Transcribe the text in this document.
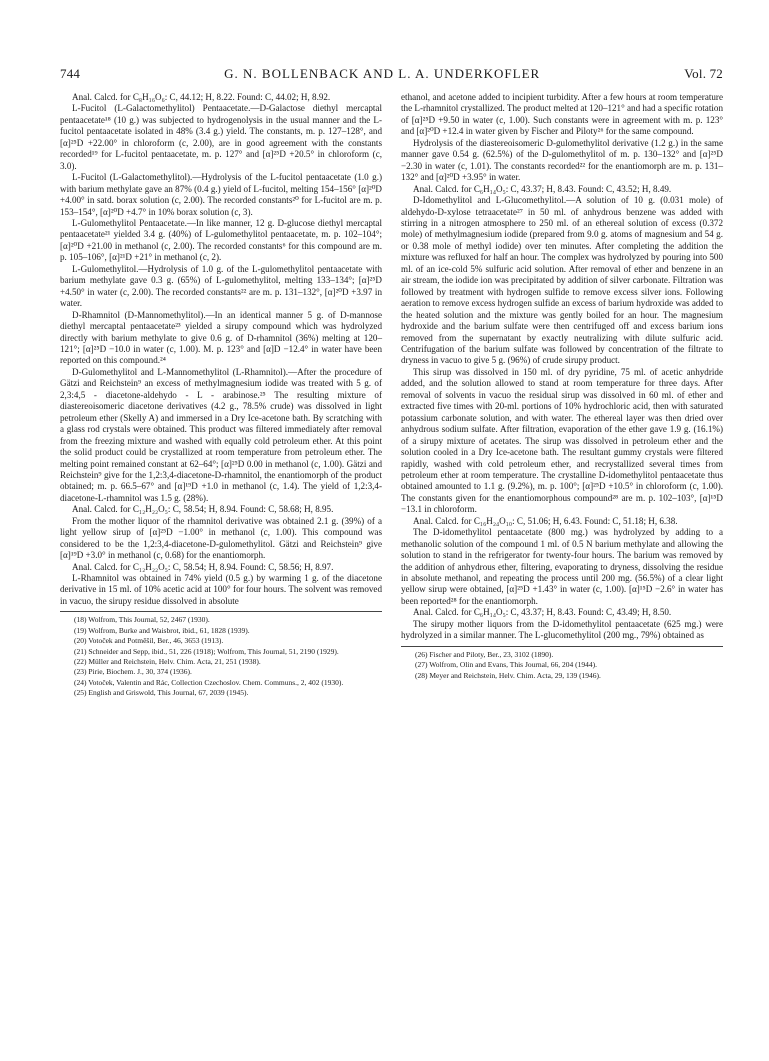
744	G. N. BOLLENBACK AND L. A. UNDERKOFLER	Vol. 72

Anal. Calcd. for C₈H₁₆O₆: C, 44.12; H, 8.22. Found: C, 44.02; H, 8.92.

L-Fucitol (L-Galactomethylitol) Pentaacetate.—D-Galactose diethyl mercaptal pentaacetate¹⁸ (10 g.) was subjected to hydrogenolysis in the usual manner and the L-fucitol pentaacetate isolated in 48% (3.4 g.) yield. The constants, m. p. 127–128°, and [α]²⁵D +22.00° in chloroform (c, 2.00), are in good agreement with the constants recorded¹⁹ for L-fucitol pentaacetate, m. p. 127° and [α]²⁵D +20.5° in chloroform (c, 3.0).

L-Fucitol (L-Galactomethylitol).—Hydrolysis of the L-fucitol pentaacetate (1.0 g.) with barium methylate gave an 87% (0.4 g.) yield of L-fucitol, melting 154–156° [α]²⁰D +4.00° in satd. borax solution (c, 2.00). The recorded constants²⁰ for L-fucitol are m. p. 153–154°, [α]²⁰D +4.7° in 10% borax solution (c, 3).

L-Gulomethylitol Pentaacetate.—In like manner, 12 g. D-glucose diethyl mercaptal pentaacetate²¹ yielded 3.4 g. (40%) of L-gulomethylitol pentaacetate, m. p. 102–104°; [α]²⁰D +21.00 in methanol (c, 2.00). The recorded constants⁶ for this compound are m. p. 105–106°, [α]²¹D +21° in methanol (c, 2).

L-Gulomethylitol.—Hydrolysis of 1.0 g. of the L-gulomethylitol pentaacetate with barium methylate gave 0.3 g. (65%) of L-gulomethylitol, melting 133–134°; [α]²⁵D +4.50° in water (c, 2.00). The recorded constants²² are m. p. 131–132°, [α]²⁰D +3.97 in water.

D-Rhamnitol (D-Mannomethylitol).—In an identical manner 5 g. of D-mannose diethyl mercaptal pentaacetate²³ yielded a sirupy compound which was hydrolyzed directly with barium methylate to give 0.6 g. of D-rhamnitol (36%) melting at 120–121°; [α]²⁵D −10.0 in water (c, 1.00). M. p. 123° and [α]D −12.4° in water have been reported on this compound.²⁴

D-Gulomethylitol and L-Mannomethylitol (L-Rhamnitol).—After the procedure of Gätzi and Reichstein⁹ an excess of methylmagnesium iodide was treated with 5 g. of 2,3:4,5 - diacetone-aldehydo - L - arabinose.²⁵ The resulting mixture of diastereoisomeric diacetone derivatives (4.2 g., 78.5% crude) was dissolved in light petroleum ether (Skelly A) and immersed in a Dry Ice-acetone bath. By scratching with a glass rod crystals were obtained. This product was filtered immediately after removal from the freezing mixture and washed with equally cold petroleum ether. At this point the solid product could be crystallized at room temperature from petroleum ether. The melting point remained constant at 62–64°; [α]²⁵D 0.00 in methanol (c, 1.00). Gätzi and Reichstein⁹ give for the 1,2:3,4-diacetone-D-rhamnitol, the enantiomorph of the product obtained; m. p. 66.5–67° and [α]¹⁹D +1.0 in methanol (c, 1.4). The yield of 1,2:3,4-diacetone-L-rhamnitol was 1.5 g. (28%).

Anal. Calcd. for C₁₂H₂₂O₅: C, 58.54; H, 8.94. Found: C, 58.68; H, 8.95.

From the mother liquor of the rhamnitol derivative was obtained 2.1 g. (39%) of a light yellow sirup of [α]²⁵D −1.00° in methanol (c, 1.00). This compound was considered to be the 1,2:3,4-diacetone-D-gulomethylitol. Gätzi and Reichstein⁹ give [α]¹⁹D +3.0° in methanol (c, 0.68) for the enantiomorph.

Anal. Calcd. for C₁₂H₂₂O₅: C, 58.54; H, 8.94. Found: C, 58.56; H, 8.97.

L-Rhamnitol was obtained in 74% yield (0.5 g.) by warming 1 g. of the diacetone derivative in 15 ml. of 10% acetic acid at 100° for four hours. The solvent was removed in vacuo, the sirupy residue dissolved in absolute

(18) Wolfrom, This Journal, 52, 2467 (1930).
(19) Wolfrom, Burke and Waisbrot, ibid., 61, 1828 (1939).
(20) Votoček and Potměšil, Ber., 46, 3653 (1913).
(21) Schneider and Sepp, ibid., 51, 226 (1918); Wolfrom, This Journal, 51, 2190 (1929).
(22) Müller and Reichstein, Helv. Chim. Acta, 21, 251 (1938).
(23) Pirie, Biochem. J., 30, 374 (1936).
(24) Votoček, Valentin and Rác, Collection Czechoslov. Chem. Communs., 2, 402 (1930).
(25) English and Griswold, This Journal, 67, 2039 (1945).

ethanol, and acetone added to incipient turbidity. After a few hours at room temperature the L-rhamnitol crystallized. The product melted at 120–121° and had a specific rotation of [α]²⁵D +9.50 in water (c, 1.00). Such constants were in agreement with m. p. 123° and [α]²⁰D +12.4 in water given by Fischer and Piloty²⁶ for the same compound.

Hydrolysis of the diastereoisomeric D-gulomethylitol derivative (1.2 g.) in the same manner gave 0.54 g. (62.5%) of the D-gulomethylitol of m. p. 130–132° and [α]²⁵D −2.30 in water (c, 1.01). The constants recorded²² for the enantiomorph are m. p. 131–132° and [α]²⁰D +3.95° in water.

Anal. Calcd. for C₆H₁₄O₅: C, 43.37; H, 8.43. Found: C, 43.52; H, 8.49.

D-Idomethylitol and L-Glucomethylitol.—A solution of 10 g. (0.031 mole) of aldehydo-D-xylose tetraacetate²⁷ in 50 ml. of anhydrous benzene was added with stirring in a nitrogen atmosphere to 250 ml. of an ethereal solution of excess (0.372 mole) of methylmagnesium iodide (prepared from 9.0 g. atoms of magnesium and 54 g. or 0.38 mole of methyl iodide) over ten minutes. After completing the addition the mixture was refluxed for half an hour. The complex was hydrolyzed by pouring into 500 ml. of an ice-cold 5% sulfuric acid solution. After removal of ether and benzene in an air stream, the iodide ion was precipitated by addition of silver carbonate. Filtration was followed by treatment with hydrogen sulfide to remove excess silver ions. Following aeration to remove excess hydrogen sulfide an excess of barium hydroxide was added to the heated solution and the mixture was gently boiled for an hour. The magnesium hydroxide and the barium sulfate were then centrifuged off and excess barium ions removed from the supernatant by exactly neutralizing with dilute sulfuric acid. Centrifugation of the barium sulfate was followed by concentration of the filtrate to dryness in vacuo to give 5 g. (96%) of crude sirupy product.

This sirup was dissolved in 150 ml. of dry pyridine, 75 ml. of acetic anhydride added, and the solution allowed to stand at room temperature for three days. After removal of solvents in vacuo the residual sirup was dissolved in 60 ml. of ether and extracted five times with 20-ml. portions of 10% hydrochloric acid, then with saturated potassium carbonate solution, and with water. The ethereal layer was then dried over anhydrous sodium sulfate. After filtration, evaporation of the ether gave 1.9 g. (16.1%) of a sirupy mixture of acetates. The sirup was dissolved in petroleum ether and the solution cooled in a Dry Ice-acetone bath. The resultant gummy crystals were filtered rapidly, washed with cold petroleum ether, and recrystallized several times from petroleum ether at room temperature. The crystalline D-idomethylitol pentaacetate thus obtained amounted to 1.1 g. (9.2%), m. p. 100°; [α]²⁵D +10.5° in chloroform (c, 1.00). The constants given for the enantiomorphous compound²⁸ are m. p. 102–103°, [α]¹⁵D −13.1 in chloroform.

Anal. Calcd. for C₁₆H₂₄O₁₀: C, 51.06; H, 6.43. Found: C, 51.18; H, 6.38.

The D-idomethylitol pentaacetate (800 mg.) was hydrolyzed by adding to a methanolic solution of the compound 1 ml. of 0.5 N barium methylate and allowing the solution to stand in the refrigerator for twenty-four hours. The barium was removed by the addition of anhydrous ether, filtering, evaporating to dryness, dissolving the residue in absolute methanol, and repeating the process until 200 mg. (56.5%) of a clear light yellow sirup were obtained, [α]²⁵D +1.43° in water (c, 1.00). [α]¹⁵D −2.6° in water has been reported²⁸ for the enantiomorph.

Anal. Calcd. for C₆H₁₄O₅: C, 43.37; H, 8.43. Found: C, 43.49; H, 8.50.

The sirupy mother liquors from the D-idomethylitol pentaacetate (625 mg.) were hydrolyzed in a similar manner. The L-glucomethylitol (200 mg., 79%) obtained as

(26) Fischer and Piloty, Ber., 23, 3102 (1890).
(27) Wolfrom, Olin and Evans, This Journal, 66, 204 (1944).
(28) Meyer and Reichstein, Helv. Chim. Acta, 29, 139 (1946).
